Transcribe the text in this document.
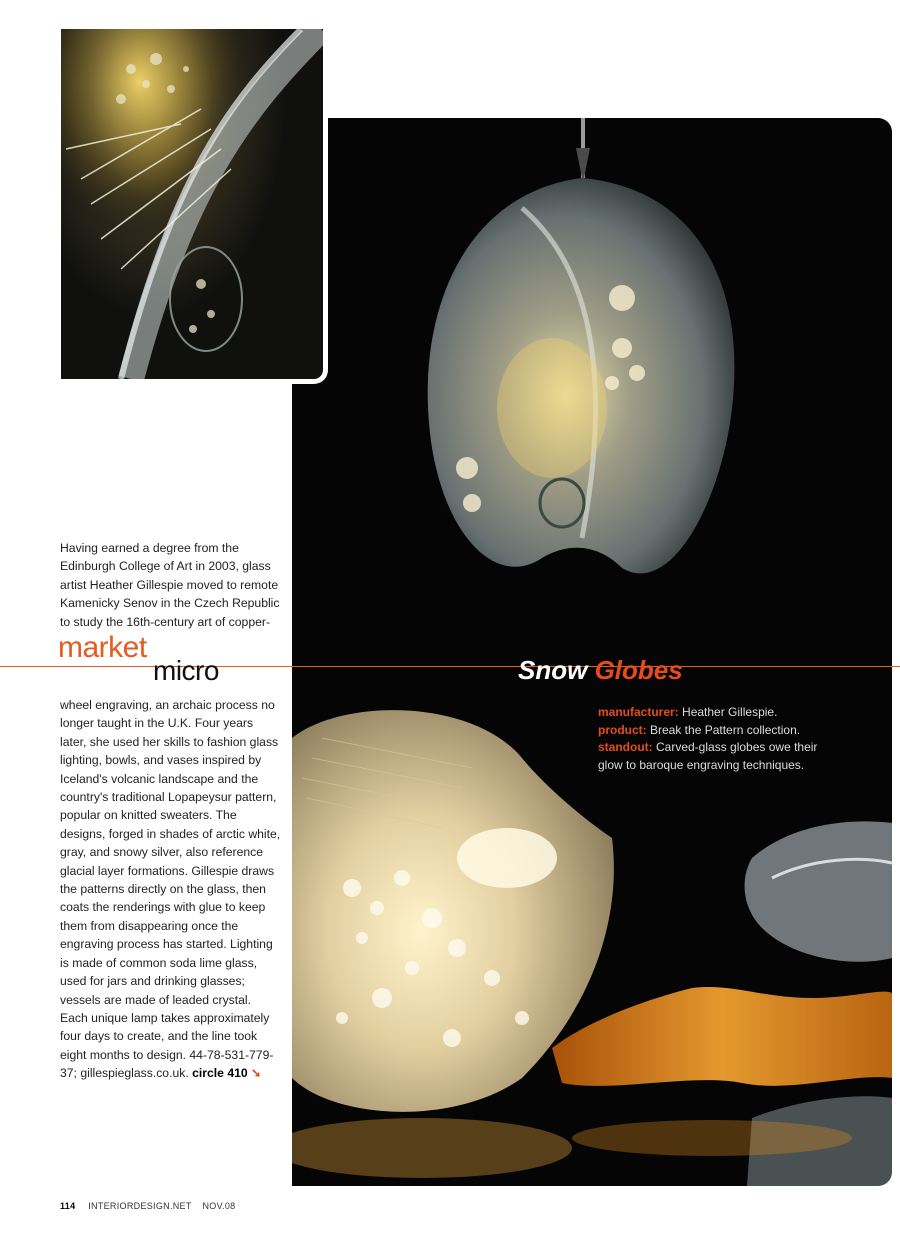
Having earned a degree from the Edinburgh College of Art in 2003, glass artist Heather Gillespie moved to remote Kamenicky Senov in the Czech Republic to study the 16th-century art of copper-

market
micro	Snow Globes
manufacturer: Heather Gillespie.
product: Break the Pattern collection.
standout: Carved-glass globes owe their glow to baroque engraving techniques.

wheel engraving, an archaic process no longer taught in the U.K. Four years later, she used her skills to fashion glass lighting, bowls, and vases inspired by Iceland's volcanic landscape and the country's traditional Lopapeysur pattern, popular on knitted sweaters. The designs, forged in shades of arctic white, gray, and snowy silver, also reference glacial layer formations. Gillespie draws the patterns directly on the glass, then coats the renderings with glue to keep them from disappearing once the engraving process has started. Lighting is made of common soda lime glass, used for jars and drinking glasses; vessels are made of leaded crystal. Each unique lamp takes approximately four days to create, and the line took eight months to design. 44-78-531-779-37; gillespieglass.co.uk. circle 410 ➘

114 INTERIORDESIGN.NET NOV.08
